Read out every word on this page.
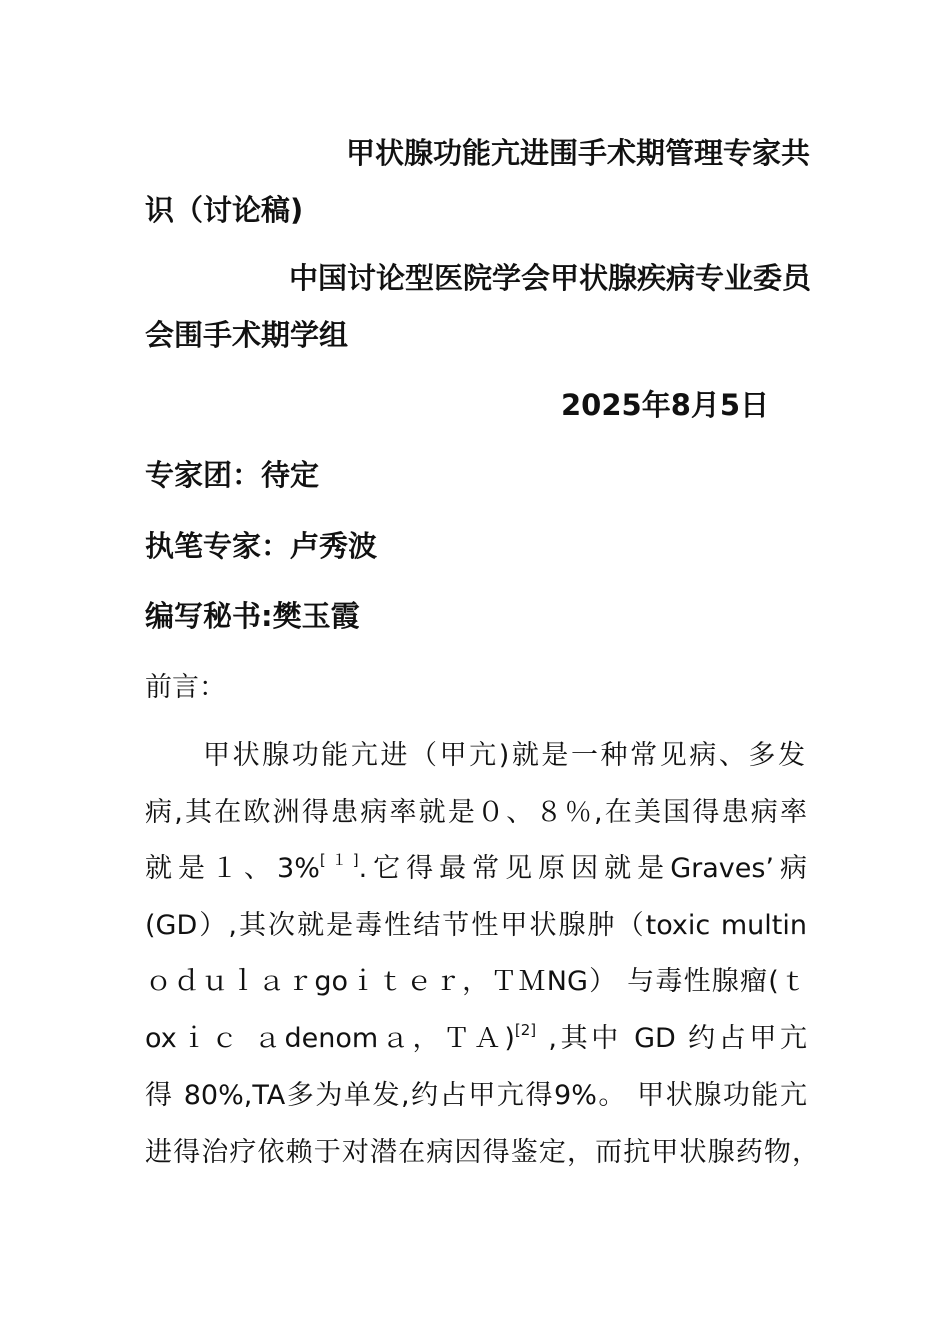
甲状腺功能亢进围手术期管理专家共
识（讨论稿)
中国讨论型医院学会甲状腺疾病专业委员
会围手术期学组
2025年8月5日
专家团：待定
执笔专家：卢秀波
编写秘书:樊玉霞
前言：
甲状腺功能亢进（甲亢)就是一种常见病、多发
病,其在欧洲得患病率就是０、８％,在美国得患病率
就是１、3%[１].它得最常见原因就是Graves’病
(GD）,其次就是毒性结节性甲状腺肿（toxic multin
ｏｄｕｌａｒgoｉｔｅｒ，ＴＭNG） 与毒性腺瘤(ｔ
oxｉｃ ａdenomａ，ＴＡ)[2] ,其中 GD 约占甲亢
得 80%,TA多为单发,约占甲亢得9%。 甲状腺功能亢
进得治疗依赖于对潜在病因得鉴定，而抗甲状腺药物，
